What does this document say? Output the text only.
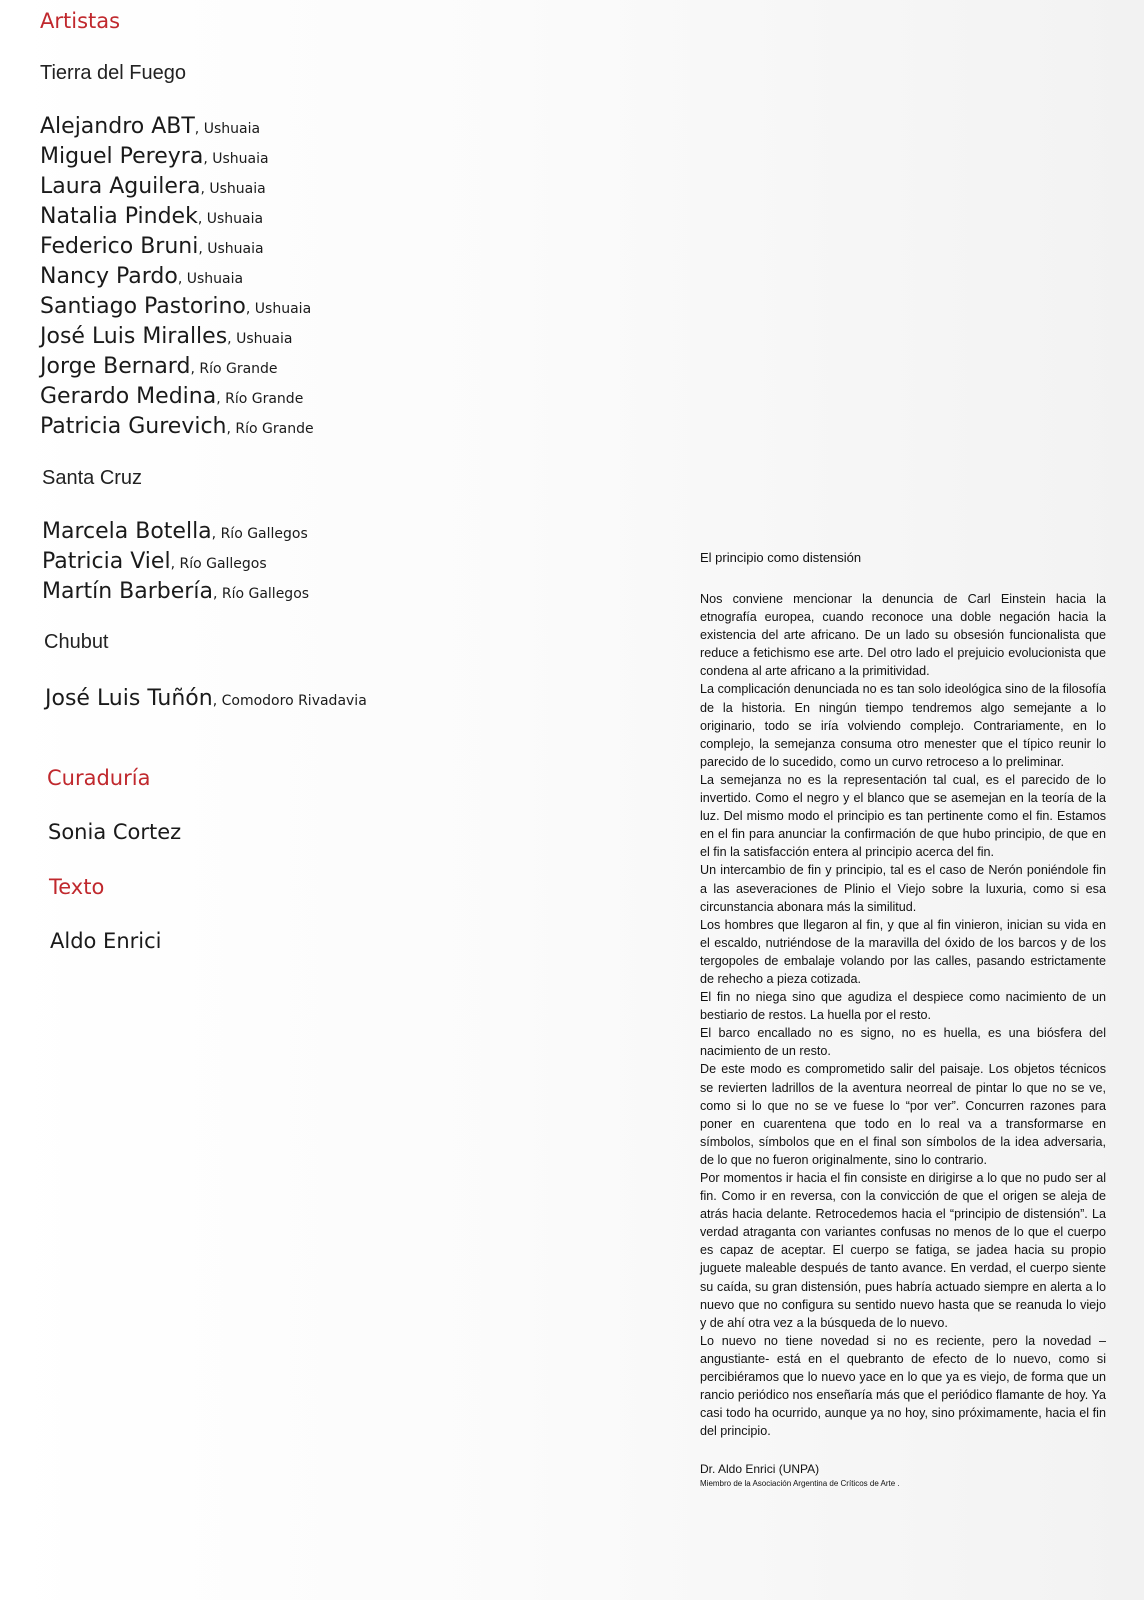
Artistas
Tierra del Fuego
Alejandro ABT, Ushuaia
Miguel Pereyra, Ushuaia
Laura Aguilera, Ushuaia
Natalia Pindek, Ushuaia
Federico Bruni, Ushuaia
Nancy Pardo, Ushuaia
Santiago Pastorino, Ushuaia
José Luis Miralles, Ushuaia
Jorge Bernard, Río Grande
Gerardo Medina, Río Grande
Patricia Gurevich, Río Grande
Santa Cruz
Marcela Botella, Río Gallegos
Patricia Viel, Río Gallegos
Martín Barbería, Río Gallegos
Chubut
José Luis Tuñón, Comodoro Rivadavia
Curaduría
Sonia Cortez
Texto
Aldo Enrici
El principio como distensión

Nos conviene mencionar la denuncia de Carl Einstein hacia la etnografía europea, cuando reconoce una doble negación hacia la existencia del arte africano. De un lado su obsesión funcionalista que reduce a fetichismo ese arte. Del otro lado el prejuicio evolucionista que condena al arte africano a la primitividad.

La complicación denunciada no es tan solo ideológica sino de la filosofía de la historia. En ningún tiempo tendremos algo semejante a lo originario, todo se iría volviendo complejo. Contrariamente, en lo complejo, la semejanza consuma otro menester que el típico reunir lo parecido de lo sucedido, como un curvo retroceso a lo preliminar.

La semejanza no es la representación tal cual, es el parecido de lo invertido. Como el negro y el blanco que se asemejan en la teoría de la luz. Del mismo modo el principio es tan pertinente como el fin. Estamos en el fin para anunciar la confirmación de que hubo principio, de que en el fin la satisfacción entera al principio acerca del fin.

Un intercambio de fin y principio, tal es el caso de Nerón poniéndole fin a las aseveraciones de Plinio el Viejo sobre la luxuria, como si esa circunstancia abonara más la similitud.

Los hombres que llegaron al fin, y que al fin vinieron, inician su vida en el escaldo, nutriéndose de la maravilla del óxido de los barcos y de los tergopoles de embalaje volando por las calles, pasando estrictamente de rehecho a pieza cotizada.

El fin no niega sino que agudiza el despiece como nacimiento de un bestiario de restos. La huella por el resto.

El barco encallado no es signo, no es huella, es una biósfera del nacimiento de un resto.

De este modo es comprometido salir del paisaje. Los objetos técnicos se revierten ladrillos de la aventura neorreal de pintar lo que no se ve, como si lo que no se ve fuese lo “por ver”. Concurren razones para poner en cuarentena que todo en lo real va a transformarse en símbolos, símbolos que en el final son símbolos de la idea adversaria, de lo que no fueron originalmente, sino lo contrario.

Por momentos ir hacia el fin consiste en dirigirse a lo que no pudo ser al fin. Como ir en reversa, con la convicción de que el origen se aleja de atrás hacia delante. Retrocedemos hacia el “principio de distensión”. La verdad atraganta con variantes confusas no menos de lo que el cuerpo es capaz de aceptar. El cuerpo se fatiga, se jadea hacia su propio juguete maleable después de tanto avance. En verdad, el cuerpo siente su caída, su gran distensión, pues habría actuado siempre en alerta a lo nuevo que no configura su sentido nuevo hasta que se reanuda lo viejo y de ahí otra vez a la búsqueda de lo nuevo.

Lo nuevo no tiene novedad si no es reciente, pero la novedad –angustiante- está en el quebranto de efecto de lo nuevo, como si percibiéramos que lo nuevo yace en lo que ya es viejo, de forma que un rancio periódico nos enseñaría más que el periódico flamante de hoy. Ya casi todo ha ocurrido, aunque ya no hoy, sino próximamente, hacia el fin del principio.

Dr. Aldo Enrici (UNPA)
Miembro de la Asociación Argentina de Críticos de Arte .
